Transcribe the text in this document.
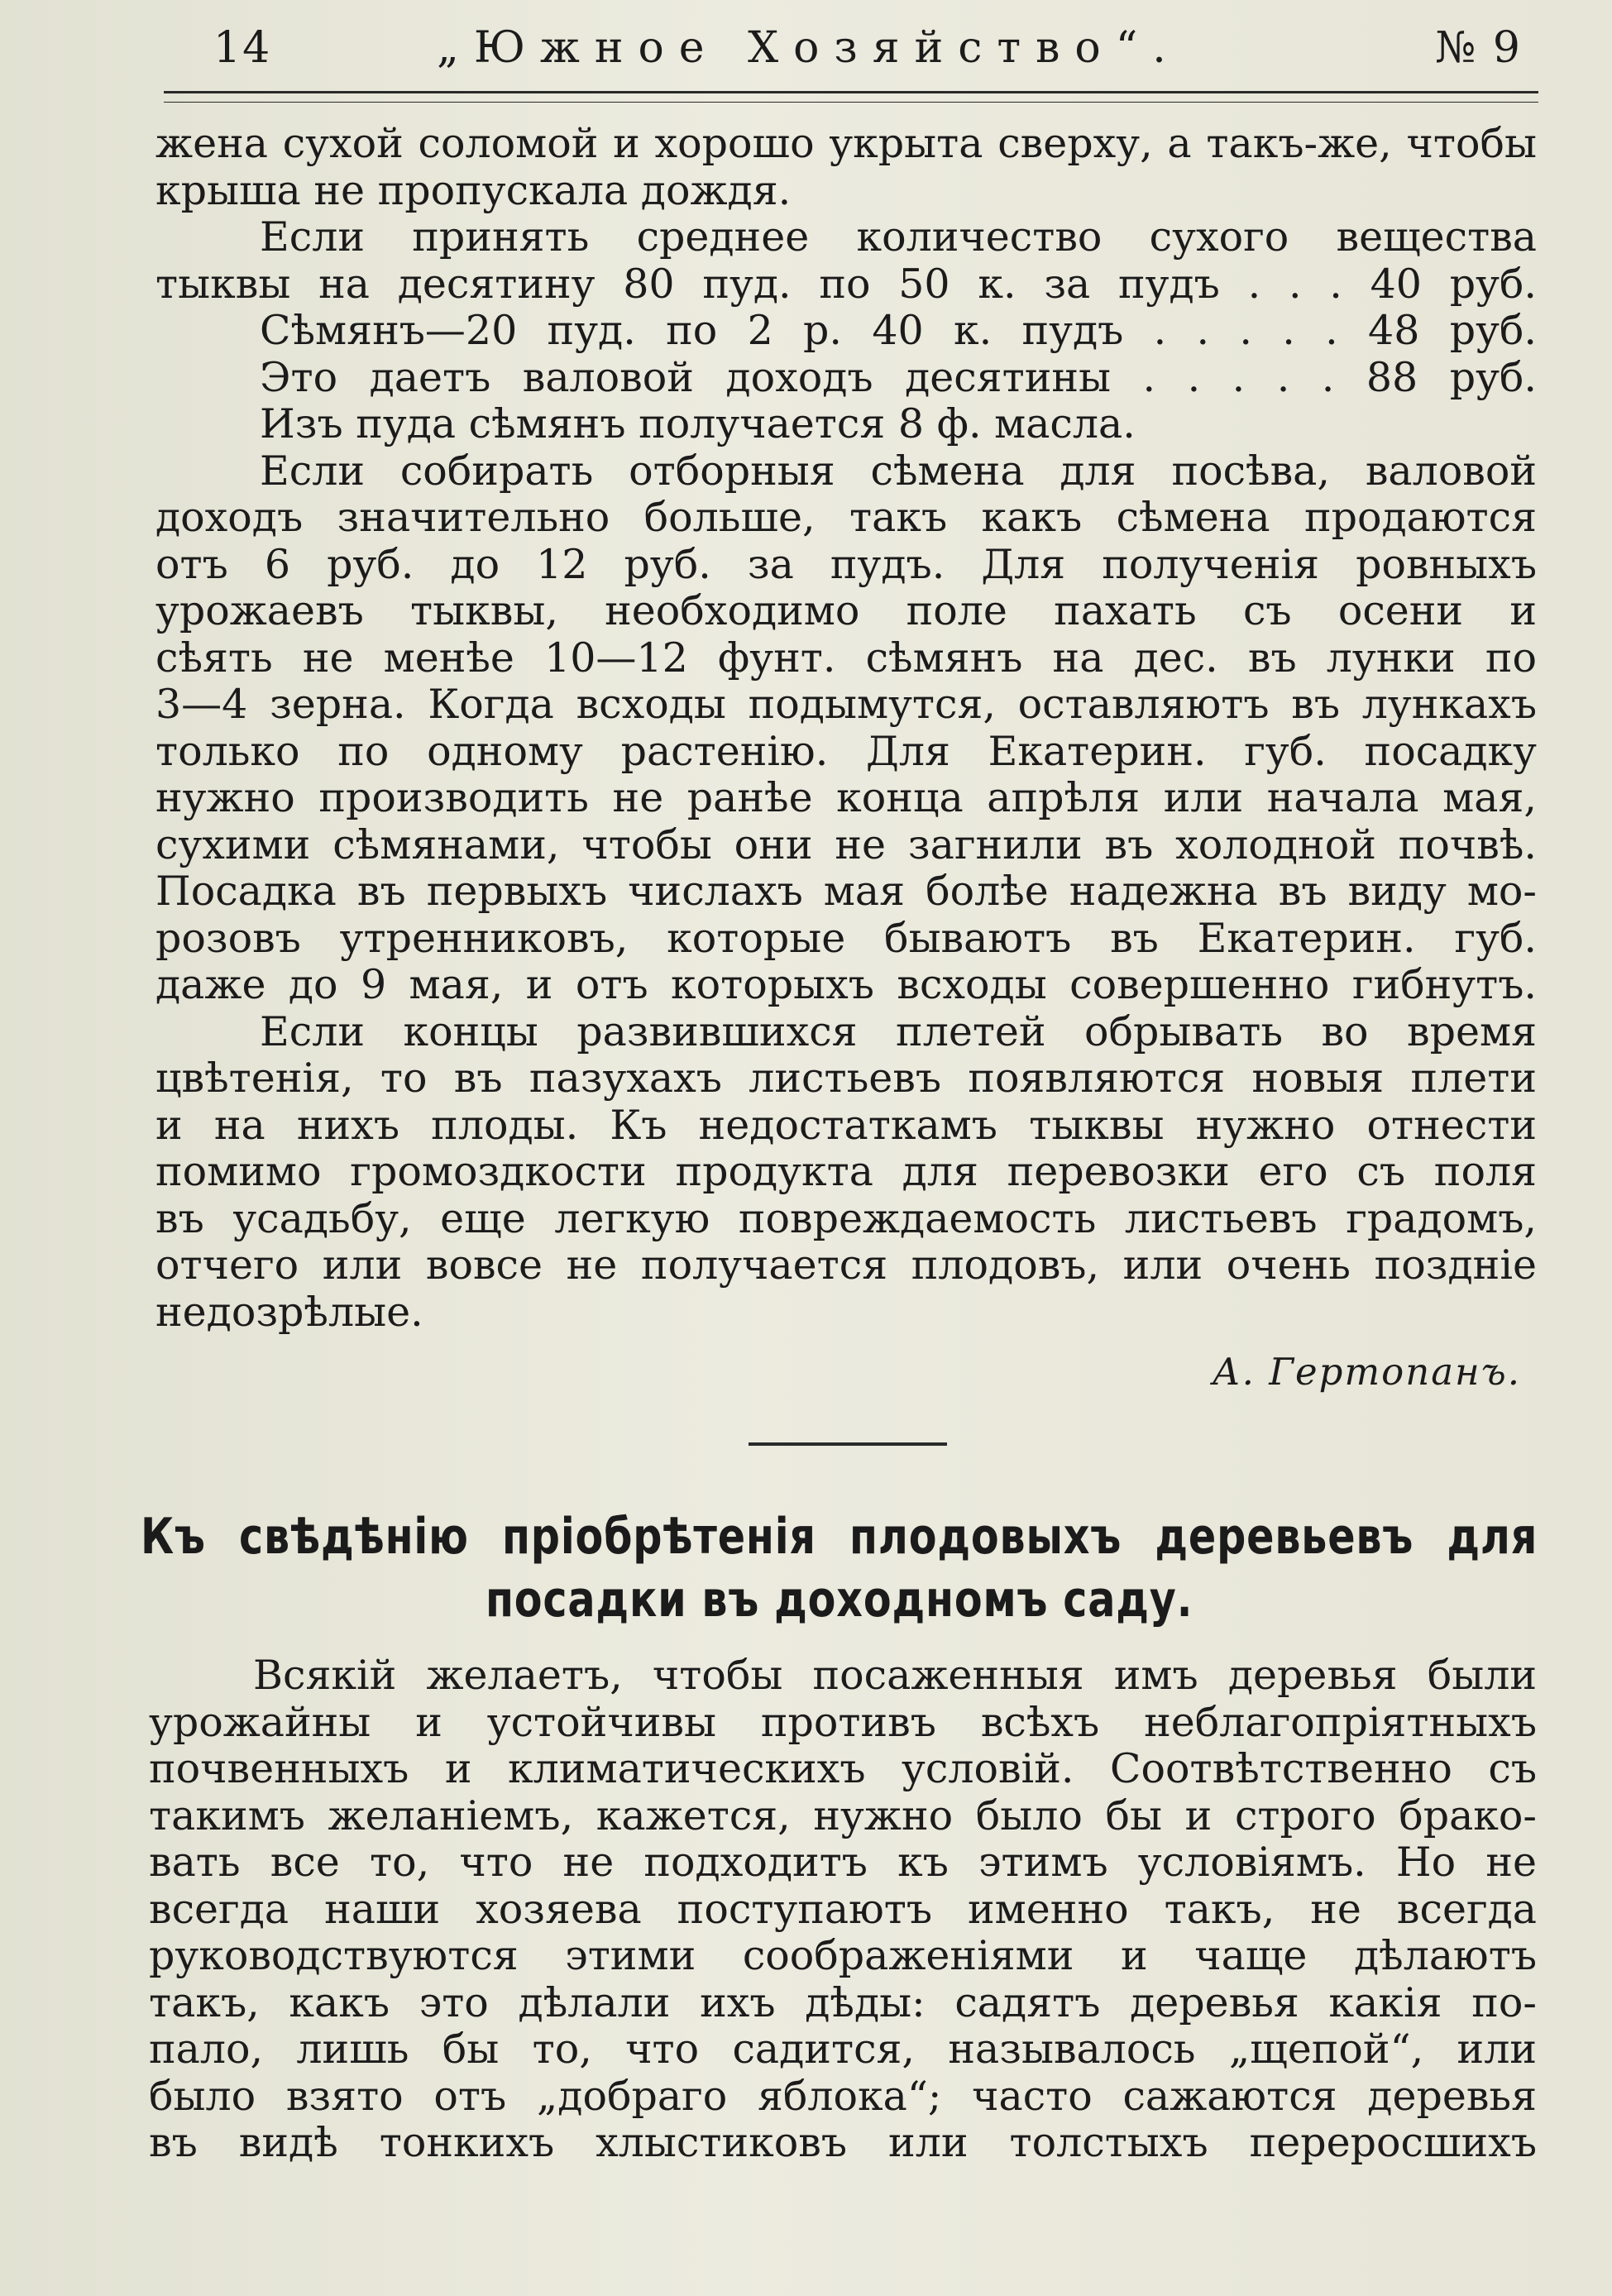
14	„Южное Хозяйство“.	№ 9
жена сухой соломой и хорошо укрыта сверху, а такъ-же, чтобы
крыша не пропускала дождя.
Если принять среднее количество сухого вещества
тыквы на десятину 80 пуд. по 50 к. за пудъ . . . 40 руб.
Сѣмянъ—20 пуд. по 2 р. 40 к. пудъ . . . . . 48 руб.
Это даетъ валовой доходъ десятины . . . . . 88 руб.
Изъ пуда сѣмянъ получается 8 ф. масла.
Если собирать отборныя сѣмена для посѣва, валовой
доходъ значительно больше, такъ какъ сѣмена продаются
отъ 6 руб. до 12 руб. за пудъ. Для полученія ровныхъ
урожаевъ тыквы, необходимо поле пахать съ осени и
сѣять не менѣе 10—12 фунт. сѣмянъ на дес. въ лунки по
3—4 зерна. Когда всходы подымутся, оставляютъ въ лункахъ
только по одному растенію. Для Екатерин. губ. посадку
нужно производить не ранѣе конца апрѣля или начала мая,
сухими сѣмянами, чтобы они не загнили въ холодной почвѣ.
Посадка въ первыхъ числахъ мая болѣе надежна въ виду мо-
розовъ утренниковъ, которые бываютъ въ Екатерин. губ.
даже до 9 мая, и отъ которыхъ всходы совершенно гибнутъ.
Если концы развившихся плетей обрывать во время
цвѣтенія, то въ пазухахъ листьевъ появляются новыя плети
и на нихъ плоды. Къ недостаткамъ тыквы нужно отнести
помимо громоздкости продукта для перевозки его съ поля
въ усадьбу, еще легкую повреждаемость листьевъ градомъ,
отчего или вовсе не получается плодовъ, или очень поздніе
недозрѣлые.
А. Гертопанъ.
Къ свѣдѣнію пріобрѣтенія плодовыхъ деревьевъ для
посадки въ доходномъ саду.
Всякій желаетъ, чтобы посаженныя имъ деревья были
урожайны и устойчивы противъ всѣхъ неблагопріятныхъ
почвенныхъ и климатическихъ условій. Соотвѣтственно съ
такимъ желаніемъ, кажется, нужно было бы и строго брако-
вать все то, что не подходитъ къ этимъ условіямъ. Но не
всегда наши хозяева поступаютъ именно такъ, не всегда
руководствуются этими соображеніями и чаще дѣлаютъ
такъ, какъ это дѣлали ихъ дѣды: садятъ деревья какія по-
пало, лишь бы то, что садится, называлось „щепой“, или
было взято отъ „добраго яблока“; часто сажаются деревья
въ видѣ тонкихъ хлыстиковъ или толстыхъ переросшихъ
